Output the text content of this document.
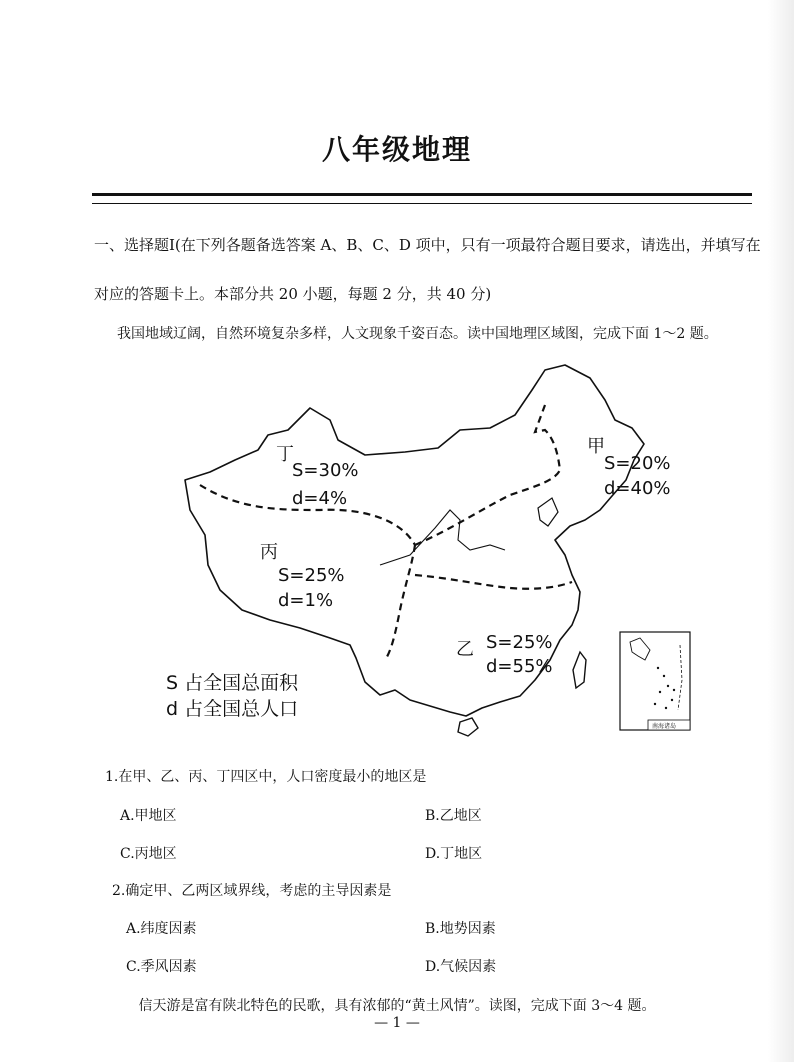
八年级地理
一、选择题Ⅰ(在下列各题备选答案 A、B、C、D 项中，只有一项最符合题目要求，请选出，并填写在
对应的答题卡上。本部分共 20 小题，每题 2 分，共 40 分)
我国地域辽阔，自然环境复杂多样，人文现象千姿百态。读中国地理区域图，完成下面 1～2 题。
南海诸岛
丁
S=30%
d=4%
甲
S=20%
d=40%
丙
S=25%
d=1%
乙 S=25%
d=55%
S 占全国总面积
d 占全国总人口
1.在甲、乙、丙、丁四区中，人口密度最小的地区是
A.甲地区	B.乙地区
C.丙地区	D.丁地区
2.确定甲、乙两区域界线，考虑的主导因素是
A.纬度因素	B.地势因素
C.季风因素	D.气候因素
信天游是富有陕北特色的民歌，具有浓郁的“黄土风情”。读图，完成下面 3～4 题。
— 1 —
